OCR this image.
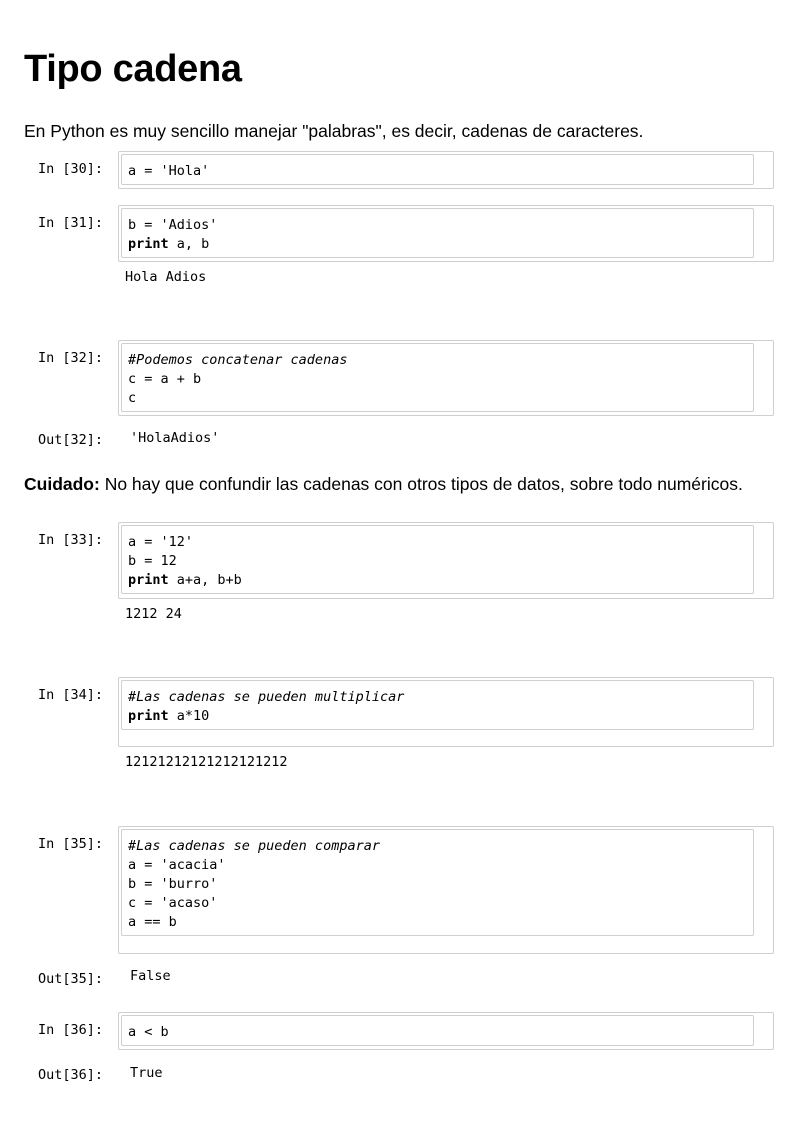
Tipo cadena

En Python es muy sencillo manejar "palabras", es decir, cadenas de caracteres.

In [30]:	a = 'Hola'
In [31]:	b = 'Adios'
print a, b
Hola Adios
In [32]:	#Podemos concatenar cadenas
c = a + b
c
Out[32]:	'HolaAdios'

Cuidado: No hay que confundir las cadenas con otros tipos de datos, sobre todo numéricos.

In [33]:	a = '12'
b = 12
print a+a, b+b
1212 24
In [34]:	#Las cadenas se pueden multiplicar
print a*10
12121212121212121212
In [35]:	#Las cadenas se pueden comparar
a = 'acacia'
b = 'burro'
c = 'acaso'
a == b
Out[35]:	False
In [36]:	a < b
Out[36]:	True
